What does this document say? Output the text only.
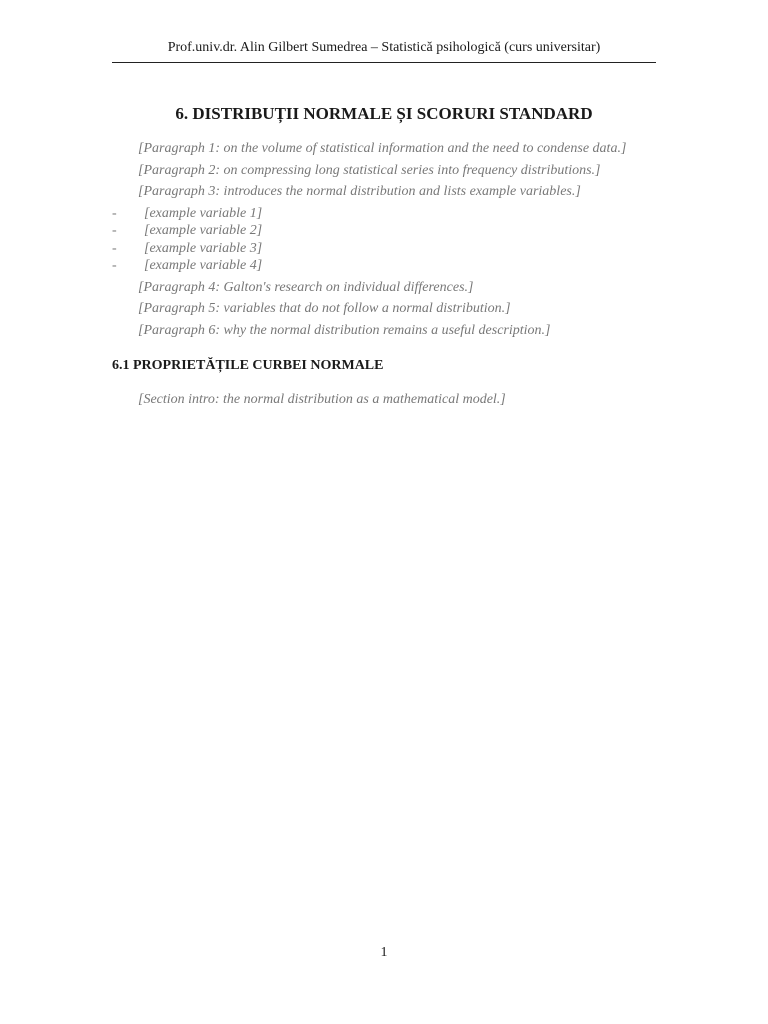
Prof.univ.dr. Alin Gilbert Sumedrea – Statistică psihologică (curs universitar)
6. DISTRIBUȚII NORMALE ȘI SCORURI STANDARD

[Paragraph 1: on the volume of statistical information and the need to condense data.]

[Paragraph 2: on compressing long statistical series into frequency distributions.]

[Paragraph 3: introduces the normal distribution and lists example variables.]

- [example variable 1]
- [example variable 2]
- [example variable 3]
- [example variable 4]

[Paragraph 4: Galton's research on individual differences.]

[Paragraph 5: variables that do not follow a normal distribution.]

[Paragraph 6: why the normal distribution remains a useful description.]

6.1 PROPRIETĂȚILE CURBEI NORMALE

[Section intro: the normal distribution as a mathematical model.]

1
